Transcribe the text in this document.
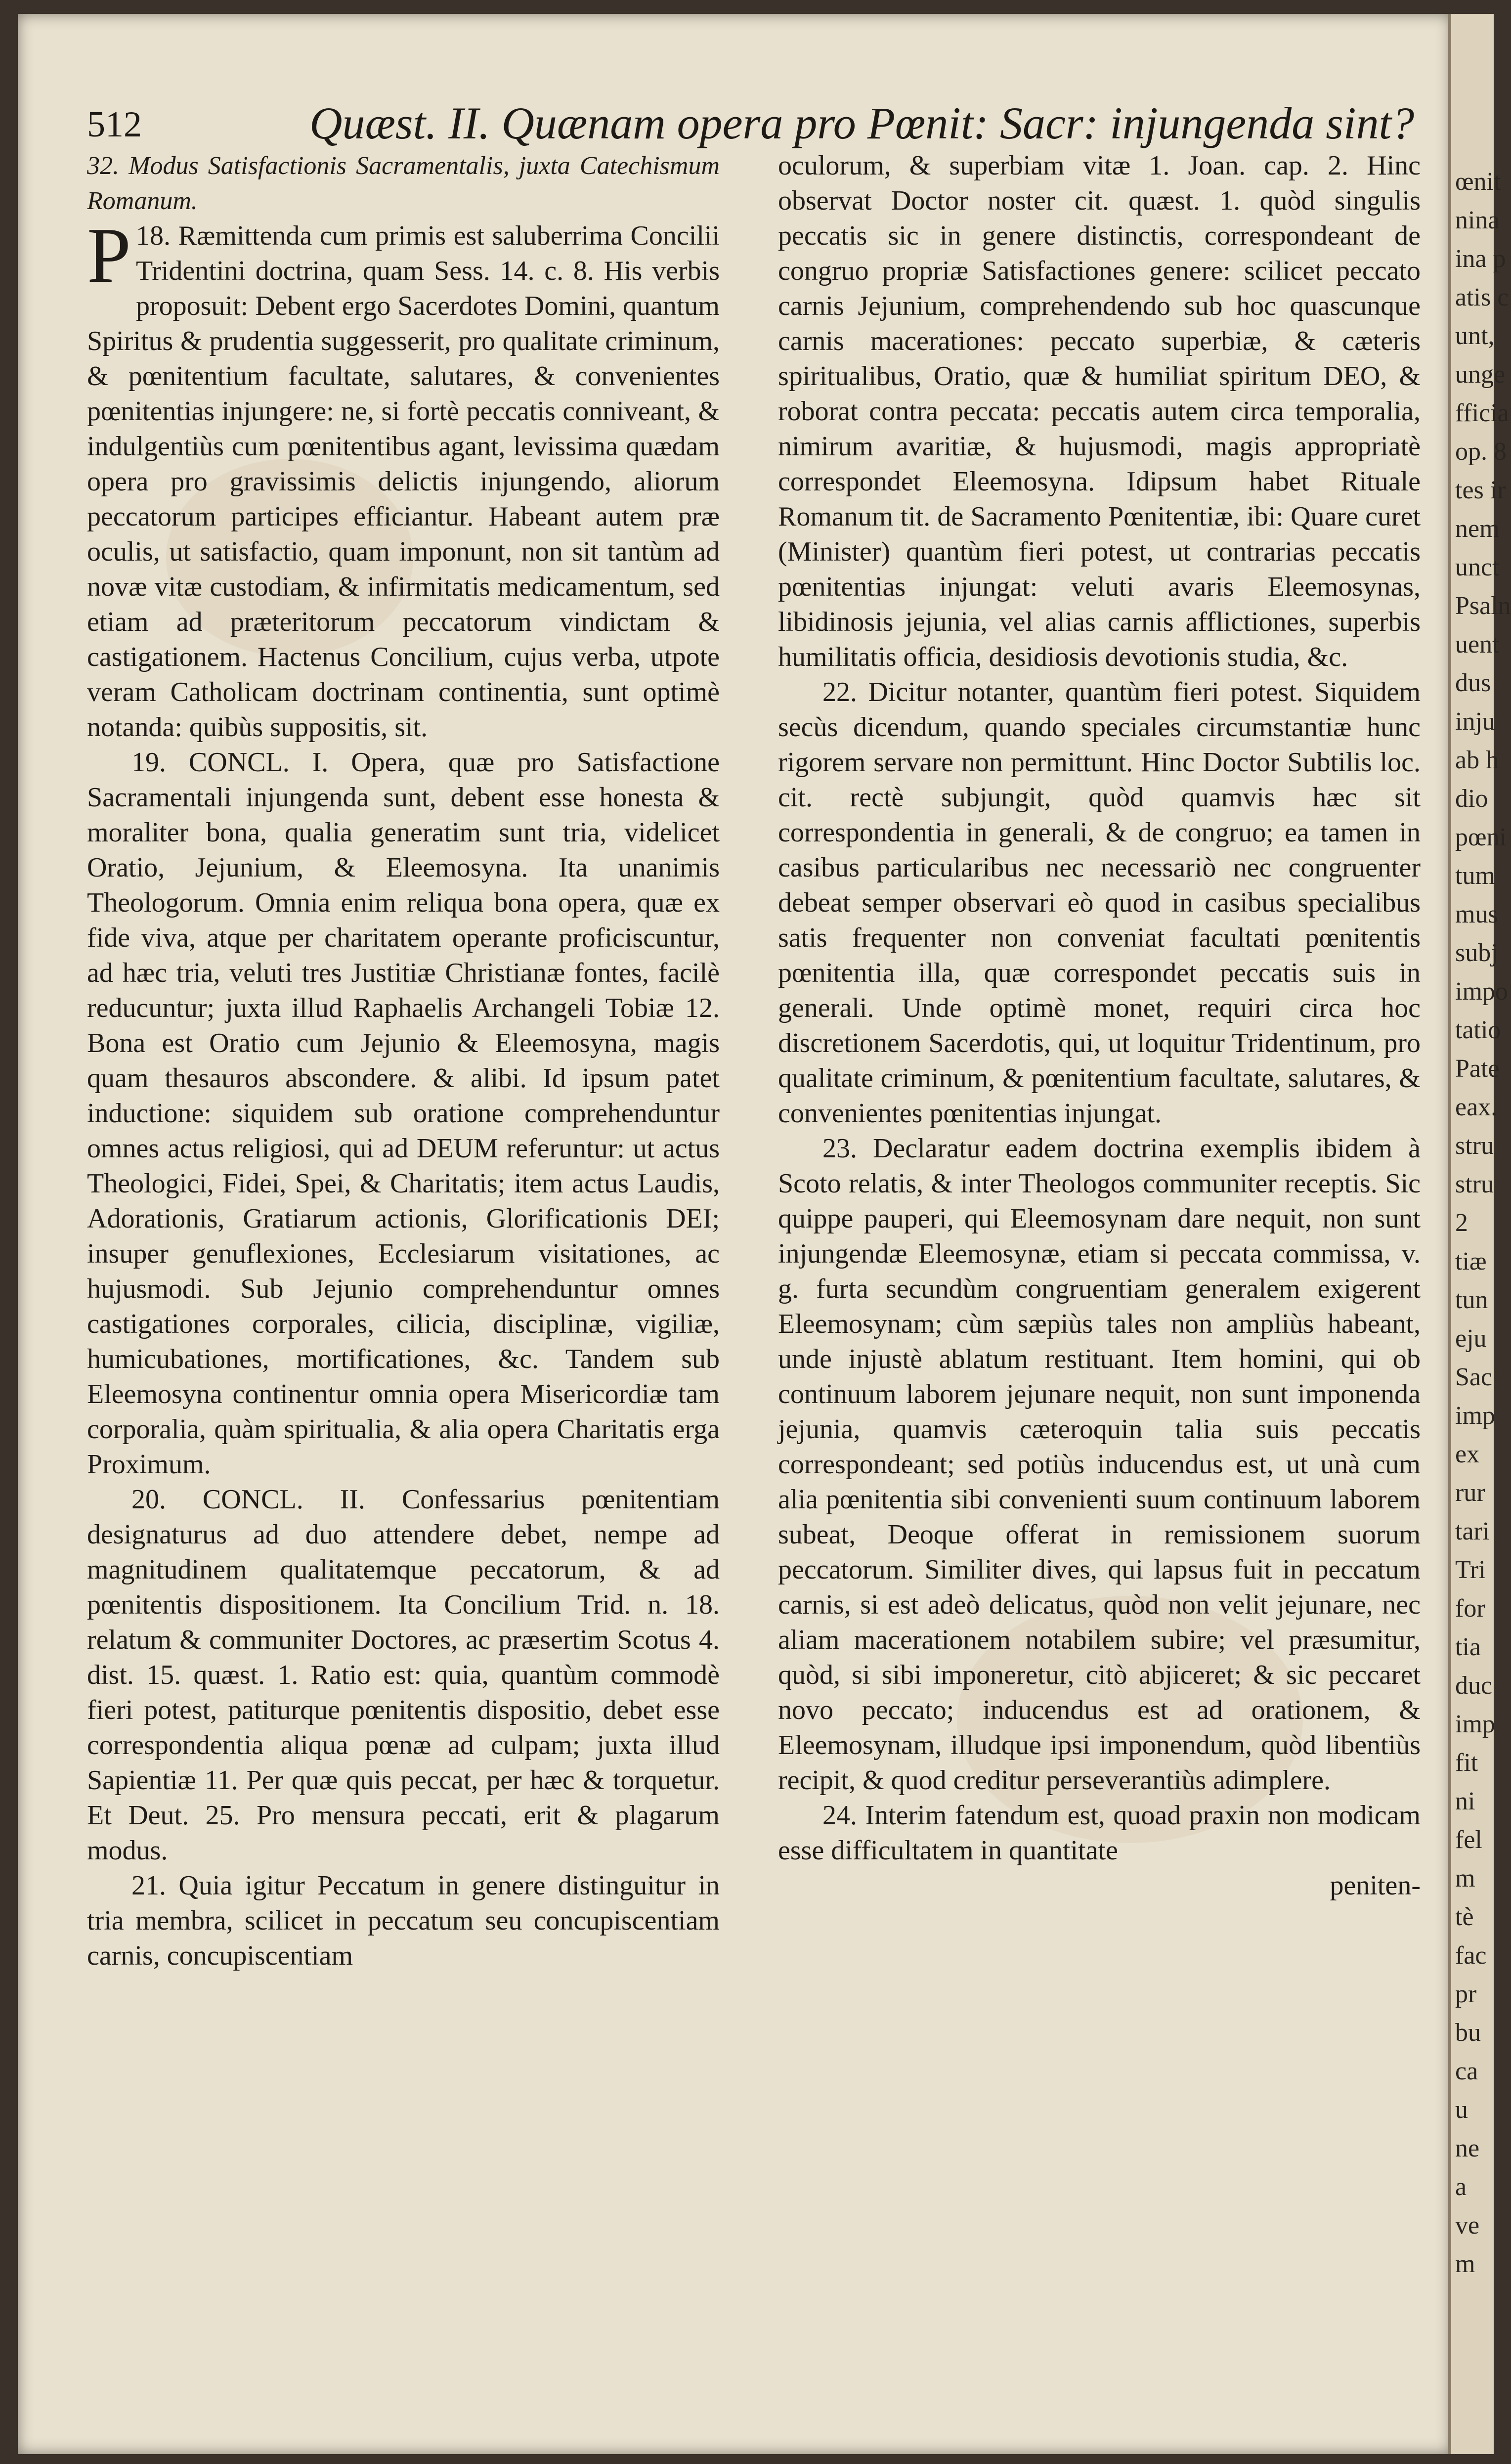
512	Quæst. II. Quænam opera pro Pœnit: Sacr: injungenda sint?

32. Modus Satisfactionis Sacramentalis, juxta Catechismum Romanum.

18.
P Ræmittenda cum primis est saluberrima Concilii Tridentini doctrina, quam Sess. 14. c. 8. His verbis proposuit: Debent ergo Sacerdotes Domini, quantum Spiritus & prudentia suggesserit, pro qualitate criminum, & pœnitentium facultate, salutares, & convenientes pœnitentias injungere: ne, si fortè peccatis conniveant, & indulgentiùs cum pœnitentibus agant, levissima quædam opera pro gravissimis delictis injungendo, aliorum peccatorum participes efficiantur. Habeant autem præ oculis, ut satisfactio, quam imponunt, non sit tantùm ad novæ vitæ custodiam, & infirmitatis medicamentum, sed etiam ad præteritorum peccatorum vindictam & castigationem. Hactenus Concilium, cujus verba, utpote veram Catholicam doctrinam continentia, sunt optimè notanda: quibùs suppositis, sit.

19. CONCL. I. Opera, quæ pro Satisfactione Sacramentali injungenda sunt, debent esse honesta & moraliter bona, qualia generatim sunt tria, videlicet Oratio, Jejunium, & Eleemosyna. Ita unanimis Theologorum. Omnia enim reliqua bona opera, quæ ex fide viva, atque per charitatem operante proficiscuntur, ad hæc tria, veluti tres Justitiæ Christianæ fontes, facilè reducuntur; juxta illud Raphaelis Archangeli Tobiæ 12. Bona est Oratio cum Jejunio & Eleemosyna, magis quam thesauros abscondere. & alibi. Id ipsum patet inductione: siquidem sub oratione comprehenduntur omnes actus religiosi, qui ad DEUM referuntur: ut actus Theologici, Fidei, Spei, & Charitatis; item actus Laudis, Adorationis, Gratiarum actionis, Glorificationis DEI; insuper genuflexiones, Ecclesiarum visitationes, ac hujusmodi. Sub Jejunio comprehenduntur omnes castigationes corporales, cilicia, disciplinæ, vigiliæ, humicubationes, mortificationes, &c. Tandem sub Eleemosyna continentur omnia opera Misericordiæ tam corporalia, quàm spiritualia, & alia opera Charitatis erga Proximum.

20. CONCL. II. Confessarius pœnitentiam designaturus ad duo attendere debet, nempe ad magnitudinem qualitatemque peccatorum, & ad pœnitentis dispositionem. Ita Concilium Trid. n. 18. relatum & communiter Doctores, ac præsertim Scotus 4. dist. 15. quæst. 1. Ratio est: quia, quantùm commodè fieri potest, patiturque pœnitentis dispositio, debet esse correspondentia aliqua pœnæ ad culpam; juxta illud Sapientiæ 11. Per quæ quis peccat, per hæc & torquetur. Et Deut. 25. Pro mensura peccati, erit & plagarum modus.

21. Quia igitur Peccatum in genere distinguitur in tria membra, scilicet in peccatum seu concupiscentiam carnis, concupiscentiam

oculorum, & superbiam vitæ 1. Joan. cap. 2. Hinc observat Doctor noster cit. quæst. 1. quòd singulis peccatis sic in genere distinctis, correspondeant de congruo propriæ Satisfactiones genere: scilicet peccato carnis Jejunium, comprehendendo sub hoc quascunque carnis macerationes: peccato superbiæ, & cæteris spiritualibus, Oratio, quæ & humiliat spiritum DEO, & roborat contra peccata: peccatis autem circa temporalia, nimirum avaritiæ, & hujusmodi, magis appropriatè correspondet Eleemosyna. Idipsum habet Rituale Romanum tit. de Sacramento Pœnitentiæ, ibi: Quare curet (Minister) quantùm fieri potest, ut contrarias peccatis pœnitentias injungat: veluti avaris Eleemosynas, libidinosis jejunia, vel alias carnis afflictiones, superbis humilitatis officia, desidiosis devotionis studia, &c.

22. Dicitur notanter, quantùm fieri potest. Siquidem secùs dicendum, quando speciales circumstantiæ hunc rigorem servare non permittunt. Hinc Doctor Subtilis loc. cit. rectè subjungit, quòd quamvis hæc sit correspondentia in generali, & de congruo; ea tamen in casibus particularibus nec necessariò nec congruenter debeat semper observari eò quod in casibus specialibus satis frequenter non conveniat facultati pœnitentis pœnitentia illa, quæ correspondet peccatis suis in generali. Unde optimè monet, requiri circa hoc discretionem Sacerdotis, qui, ut loquitur Tridentinum, pro qualitate criminum, & pœnitentium facultate, salutares, & convenientes pœnitentias injungat.

23. Declaratur eadem doctrina exemplis ibidem à Scoto relatis, & inter Theologos communiter receptis. Sic quippe pauperi, qui Eleemosynam dare nequit, non sunt injungendæ Eleemosynæ, etiam si peccata commissa, v. g. furta secundùm congruentiam generalem exigerent Eleemosynam; cùm sæpiùs tales non ampliùs habeant, unde injustè ablatum restituant. Item homini, qui ob continuum laborem jejunare nequit, non sunt imponenda jejunia, quamvis cæteroquin talia suis peccatis correspondeant; sed potiùs inducendus est, ut unà cum alia pœnitentia sibi convenienti suum continuum laborem subeat, Deoque offerat in remissionem suorum peccatorum. Similiter dives, qui lapsus fuit in peccatum carnis, si est adeò delicatus, quòd non velit jejunare, nec aliam macerationem notabilem subire; vel præsumitur, quòd, si sibi imponeretur, citò abjiceret; & sic peccaret novo peccato; inducendus est ad orationem, & Eleemosynam, illudque ipsi imponendum, quòd libentiùs recipit, & quod creditur perseverantiùs adimplere.

24. Interim fatendum est, quoad praxin non modicam esse difficultatem in quantitate

peniten-

œnit
nina
ina p
atis c
unt,
unge
fficia
op. 8
tes ir
nem
unct
Psaln
uent
dus
inju
ab h
dio
pœni
tum
mus
subj
impo
tatio
Pate
eax.
stru
stru
2
tiæ
tun
eju
Sac
imp
ex
rur
tari
Tri
for
tia
duc
imp
fit
ni
fel
m
tè
fac
pr
bu
ca
u
ne
a
ve
m
